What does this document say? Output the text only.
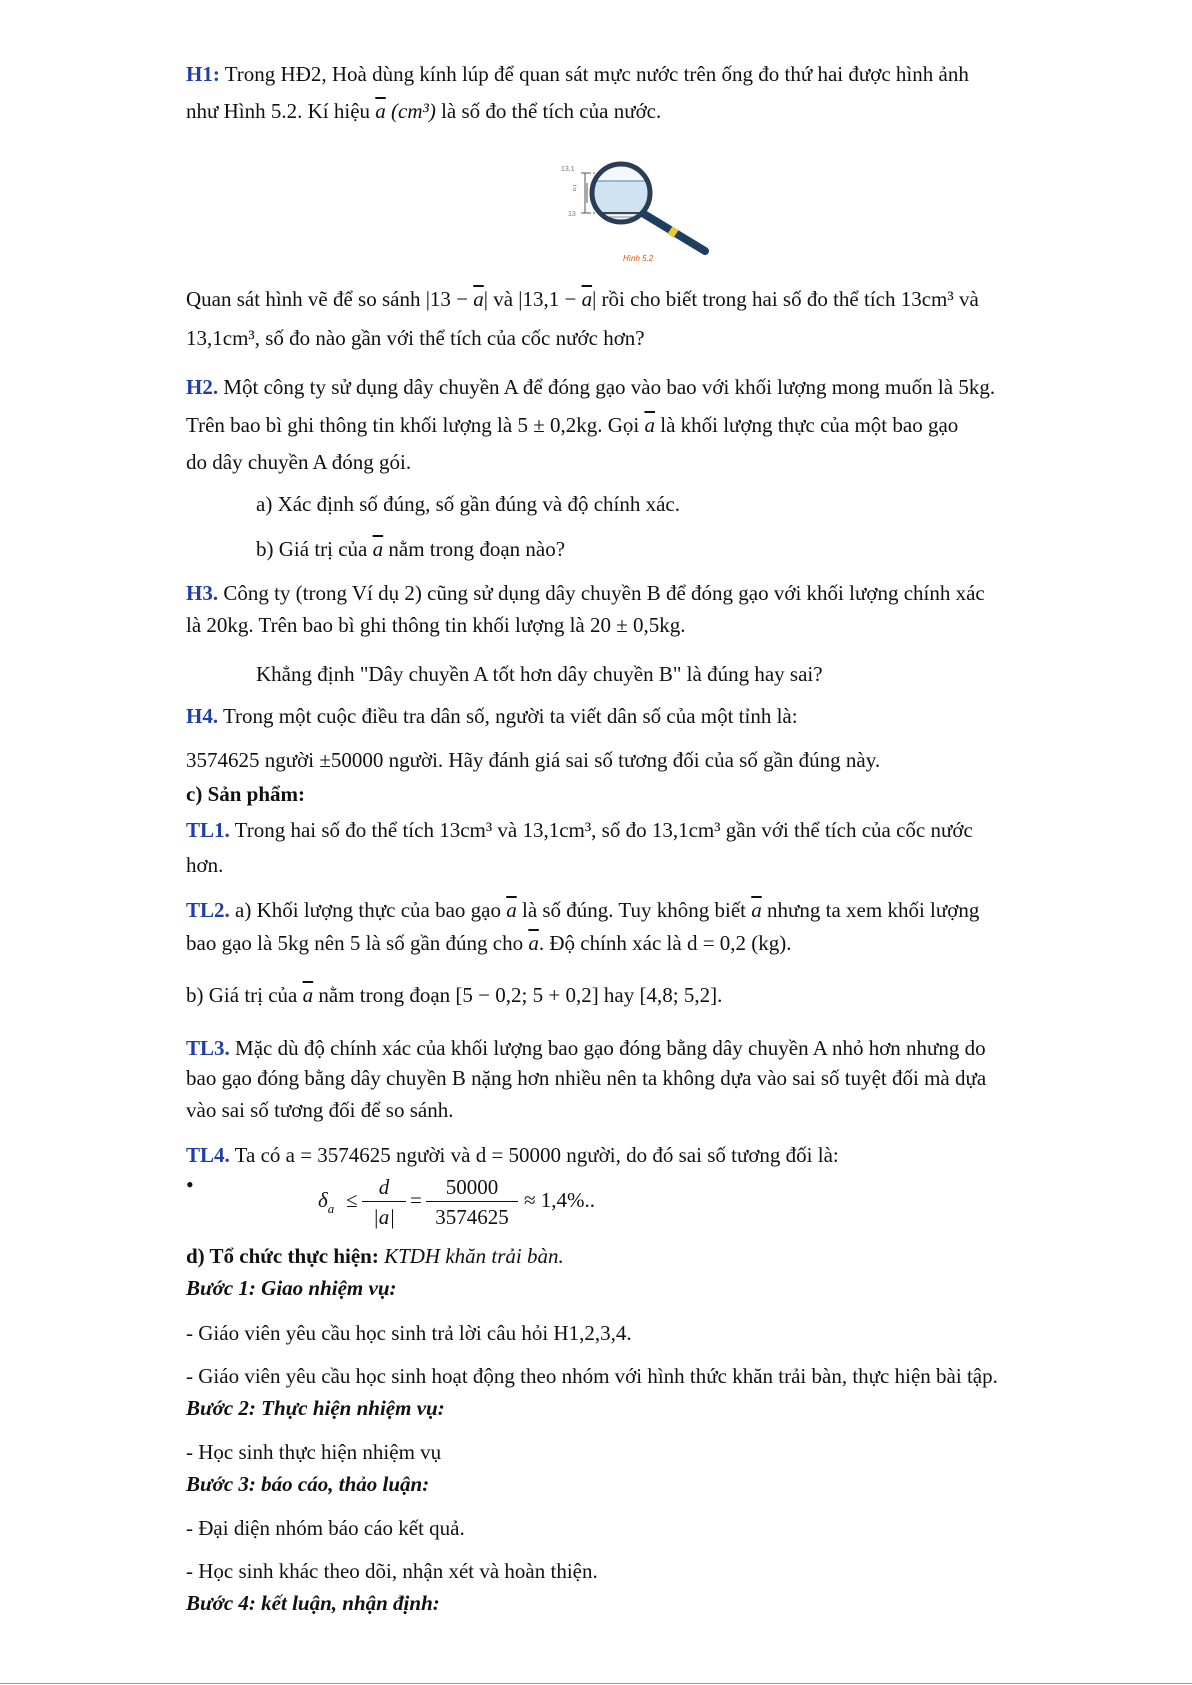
H1: Trong HĐ2, Hoà dùng kính lúp để quan sát mực nước trên ống đo thứ hai được hình ảnh
như Hình 5.2. Kí hiệu $\overline{a}$ (cm³) là số đo thể tích của nước.
13,1
a
13
Hình 5.2
Quan sát hình vẽ để so sánh $|13 - \overline{a}|$ và $|13,1 - \overline{a}|$ rồi cho biết trong hai số đo thể tích 13cm³ và
13,1cm³, số đo nào gần với thể tích của cốc nước hơn?
H2. Một công ty sử dụng dây chuyền A để đóng gạo vào bao với khối lượng mong muốn là 5kg.
Trên bao bì ghi thông tin khối lượng là 5 ± 0,2kg. Gọi $\overline{a}$ là khối lượng thực của một bao gạo
do dây chuyền A đóng gói.
a) Xác định số đúng, số gần đúng và độ chính xác.
b) Giá trị của $\overline{a}$ nằm trong đoạn nào?
H3. Công ty (trong Ví dụ 2) cũng sử dụng dây chuyền B để đóng gạo với khối lượng chính xác
là 20kg. Trên bao bì ghi thông tin khối lượng là 20 ± 0,5kg.
Khẳng định "Dây chuyền A tốt hơn dây chuyền B" là đúng hay sai?
H4. Trong một cuộc điều tra dân số, người ta viết dân số của một tỉnh là:
3574625 người ±50000 người. Hãy đánh giá sai số tương đối của số gần đúng này.
c) Sản phẩm:
TL1. Trong hai số đo thể tích 13cm³ và 13,1cm³, số đo 13,1cm³ gần với thể tích của cốc nước
hơn.
TL2. a) Khối lượng thực của bao gạo $\overline{a}$ là số đúng. Tuy không biết $\overline{a}$ nhưng ta xem khối lượng
bao gạo là 5kg nên 5 là số gần đúng cho $\overline{a}$. Độ chính xác là d = 0,2 (kg).
b) Giá trị của $\overline{a}$ nằm trong đoạn [5 − 0,2; 5 + 0,2] hay [4,8; 5,2].
TL3. Mặc dù độ chính xác của khối lượng bao gạo đóng bằng dây chuyền A nhỏ hơn nhưng do
bao gạo đóng bằng dây chuyền B nặng hơn nhiều nên ta không dựa vào sai số tuyệt đối mà dựa
vào sai số tương đối để so sánh.
TL4. Ta có a = 3574625 người và d = 50000 người, do đó sai số tương đối là:
•
$\delta_a \le \frac{d}{|a|} = \frac{50000}{3574625} \approx 1,4\%$..
d) Tổ chức thực hiện: KTDH khăn trải bàn.
Bước 1: Giao nhiệm vụ:
- Giáo viên yêu cầu học sinh trả lời câu hỏi H1,2,3,4.
- Giáo viên yêu cầu học sinh hoạt động theo nhóm với hình thức khăn trải bàn, thực hiện bài tập.
Bước 2: Thực hiện nhiệm vụ:
- Học sinh thực hiện nhiệm vụ
Bước 3: báo cáo, thảo luận:
- Đại diện nhóm báo cáo kết quả.
- Học sinh khác theo dõi, nhận xét và hoàn thiện.
Bước 4: kết luận, nhận định:
